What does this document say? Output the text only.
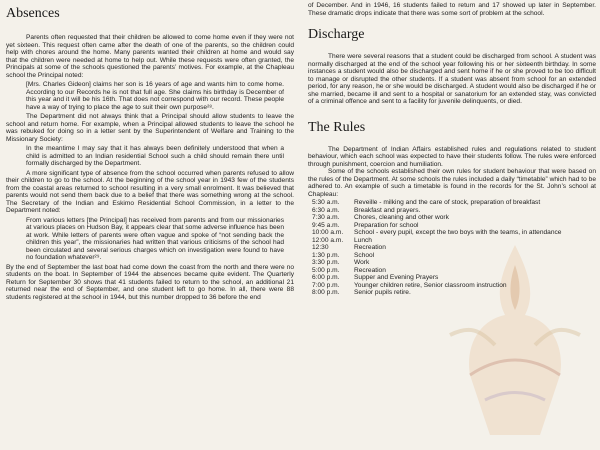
Absences

Parents often requested that their children be allowed to come home even if they were not yet sixteen. This request often came after the death of one of the parents, so the children could help with chores around the home. Many parents wanted their children at home and would say that the children were needed at home to help out. While these requests were often granted, the Principals at some of the schools questioned the parents’ motives. For example, at the Chapleau school the Principal noted:

[Mrs. Charles Gideon] claims her son is 16 years of age and wants him to come home. According to our Records he is not that full age. She claims his birthday is December of this year and it will be his 16th. That does not correspond with our record. These people have a way of trying to place the age to suit their own purpose²⁸.

The Department did not always think that a Principal should allow students to leave the school and return home. For example, when a Principal allowed students to leave the school he was rebuked for doing so in a letter sent by the Superintendent of Welfare and Training to the Missionary Society:

In the meantime I may say that it has always been definitely understood that when a child is admitted to an Indian residential School such a child should remain there until formally discharged by the Department.

A more significant type of absence from the school occurred when parents refused to allow their children to go to the school. At the beginning of the school year in 1943 few of the students from the coastal areas returned to school resulting in a very small enrolment. It was believed that parents would not send them back due to a belief that there was something wrong at the school. The Secretary of the Indian and Eskimo Residential School Commission, in a letter to the Department noted:

From various letters [the Principal] has received from parents and from our missionaries at various places on Hudson Bay, it appears clear that some adverse influence has been at work. While letters of parents were often vague and spoke of “not sending back the children this year”, the missionaries had written that various criticisms of the school had been circulated and several serious charges which on investigation were found to have no foundation whatever²⁹.

By the end of September the last boat had come down the coast from the north and there were no students on the boat. In September of 1944 the absences became quite evident. The Quarterly Return for September 30 shows that 41 students failed to return to the school, an additional 21 returned near the end of September, and one student left to go home. In all, there were 88 students registered at the school in 1944, but this number dropped to 36 before the end

of December. And in 1946, 16 students failed to return and 17 showed up later in September. These dramatic drops indicate that there was some sort of problem at the school.

Discharge

There were several reasons that a student could be discharged from school. A student was normally discharged at the end of the school year following his or her sixteenth birthday. In some instances a student would also be discharged and sent home if he or she proved to be too difficult to manage or disrupted the other students. If a student was absent from school for an extended period, for any reason, he or she would be discharged. A student would also be discharged if he or she married, became ill and sent to a hospital or sanatorium for an extended stay, was convicted of a criminal offence and sent to a facility for juvenile delinquents, or died.

The Rules

The Department of Indian Affairs established rules and regulations related to student behaviour, which each school was expected to have their students follow. The rules were enforced through punishment, coercion and humiliation.

Some of the schools established their own rules for student behaviour that were based on the rules of the Department. At some schools the rules included a daily “timetable” which had to be adhered to. An example of such a timetable is found in the records for the St. John’s school at Chapleau:

5:30 a.m.	Reveille - milking and the care of stock, preparation of breakfast
6:30 a.m.	Breakfast and prayers.
7:30 a.m.	Chores, cleaning and other work
9:45 a.m.	Preparation for school
10:00 a.m.	School - every pupil, except the two boys with the teams, in attendance
12:00 a.m.	Lunch
12:30	Recreation
1:30 p.m.	School
3:30 p.m.	Work
5:00 p.m.	Recreation
6:00 p.m.	Supper and Evening Prayers
7:00 p.m.	Younger children retire, Senior classroom instruction
8:00 p.m.	Senior pupils retire.
